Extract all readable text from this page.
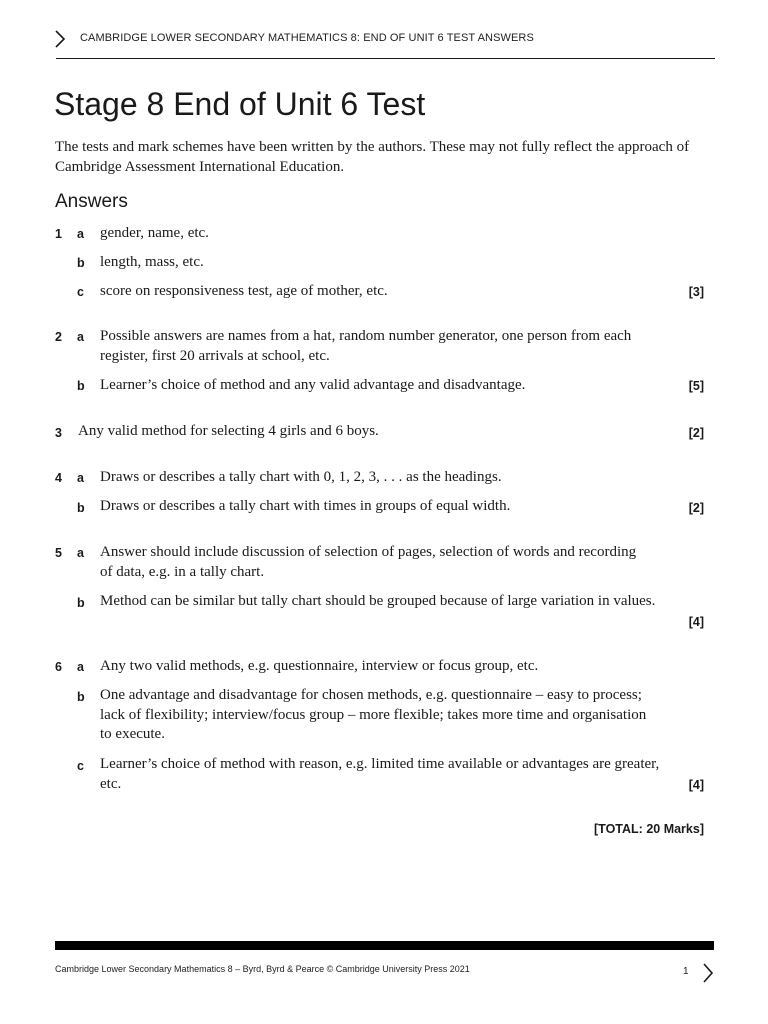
CAMBRIDGE LOWER SECONDARY MATHEMATICS 8: END OF UNIT 6 TEST ANSWERS
Stage 8 End of Unit 6 Test
The tests and mark schemes have been written by the authors. These may not fully reflect the approach of Cambridge Assessment International Education.
Answers
1 a gender, name, etc.
b length, mass, etc.
c score on responsiveness test, age of mother, etc.	[3]
2 a Possible answers are names from a hat, random number generator, one person from each register, first 20 arrivals at school, etc.
b Learner’s choice of method and any valid advantage and disadvantage.	[5]
3 Any valid method for selecting 4 girls and 6 boys.	[2]
4 a Draws or describes a tally chart with 0, 1, 2, 3, . . . as the headings.
b Draws or describes a tally chart with times in groups of equal width.	[2]
5 a Answer should include discussion of selection of pages, selection of words and recording of data, e.g. in a tally chart.
b Method can be similar but tally chart should be grouped because of large variation in values.
[4]
6 a Any two valid methods, e.g. questionnaire, interview or focus group, etc.
b One advantage and disadvantage for chosen methods, e.g. questionnaire – easy to process; lack of flexibility; interview/focus group – more flexible; takes more time and organisation to execute.
c Learner’s choice of method with reason, e.g. limited time available or advantages are greater, etc.	[4]
[TOTAL: 20 Marks]
Cambridge Lower Secondary Mathematics 8 – Byrd, Byrd & Pearce © Cambridge University Press 2021	1
